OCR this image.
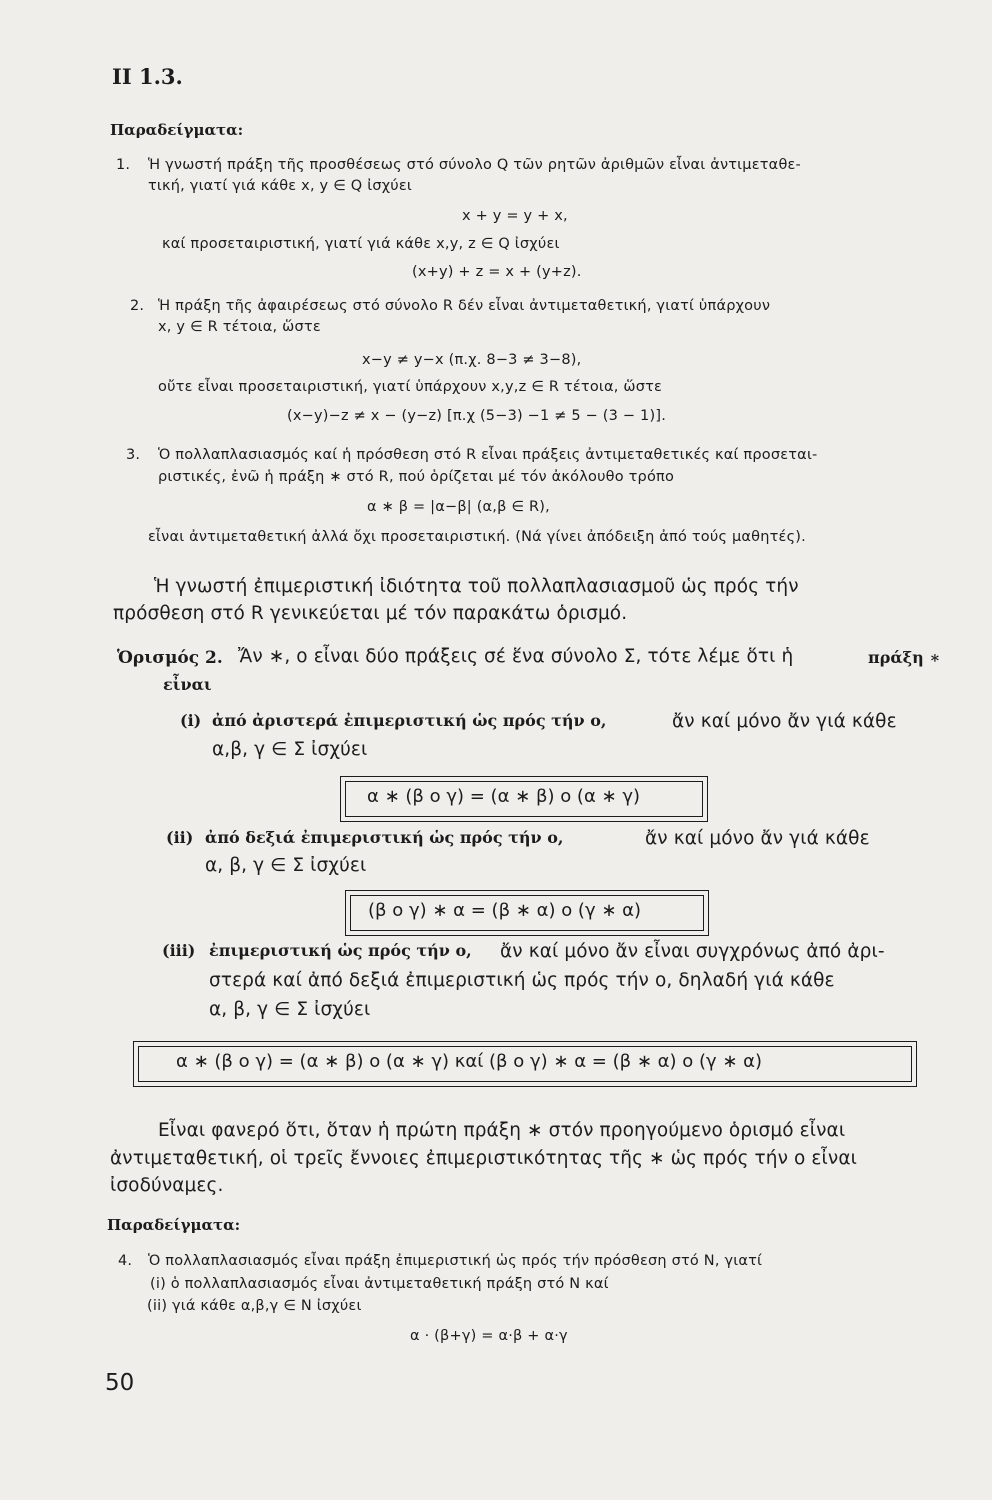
ΙΙ 1.3.
Παραδείγματα:
1. Ἡ γνωστή πράξη τῆς προσθέσεως στό σύνολο Q τῶν ρητῶν ἀριθμῶν εἶναι ἀντιμεταθε-
τική, γιατί γιά κάθε x, y ∈ Q ἰσχύει
x + y = y + x,
καί προσεταιριστική, γιατί γιά κάθε x,y, z ∈ Q ἰσχύει
(x+y) + z = x + (y+z).
2. Ἡ πράξη τῆς ἀφαιρέσεως στό σύνολο R δέν εἶναι ἀντιμεταθετική, γιατί ὑπάρχουν
x, y ∈ R τέτοια, ὥστε
x−y ≠ y−x (π.χ. 8−3 ≠ 3−8),
οὔτε εἶναι προσεταιριστική, γιατί ὑπάρχουν x,y,z ∈ R τέτοια, ὥστε
(x−y)−z ≠ x − (y−z) [π.χ (5−3) −1 ≠ 5 − (3 − 1)].
3. Ὁ πολλαπλασιασμός καί ἡ πρόσθεση στό R εἶναι πράξεις ἀντιμεταθετικές καί προσεται-
ριστικές, ἐνῶ ἡ πράξη ∗ στό R, πού ὁρίζεται μέ τόν ἀκόλουθο τρόπο
α ∗ β = |α−β| (α,β ∈ R),
εἶναι ἀντιμεταθετική ἀλλά ὄχι προσεταιριστική. (Νά γίνει ἀπόδειξη ἀπό τούς μαθητές).
Ἡ γνωστή ἐπιμεριστική ἰδιότητα τοῦ πολλαπλασιασμοῦ ὡς πρός τήν
πρόσθεση στό R γενικεύεται μέ τόν παρακάτω ὁρισμό.
Ὁρισμός 2. Ἄν ∗, ο εἶναι δύο πράξεις σέ ἕνα σύνολο Σ, τότε λέμε ὅτι ἡ	πράξη ∗
εἶναι
(i) ἀπό ἀριστερά ἐπιμεριστική ὡς πρός τήν ο,	ἄν καί μόνο ἄν γιά κάθε
α,β, γ ∈ Σ ἰσχύει
α ∗ (β ο γ) = (α ∗ β) ο (α ∗ γ)
(ii) ἀπό δεξιά ἐπιμεριστική ὡς πρός τήν ο,	ἄν καί μόνο ἄν γιά κάθε
α, β, γ ∈ Σ ἰσχύει
(β ο γ) ∗ α = (β ∗ α) ο (γ ∗ α)
(iii) ἐπιμεριστική ὡς πρός τήν ο, ἄν καί μόνο ἄν εἶναι συγχρόνως ἀπό ἀρι-
στερά καί ἀπό δεξιά ἐπιμεριστική ὡς πρός τήν ο, δηλαδή γιά κάθε
α, β, γ ∈ Σ ἰσχύει
α ∗ (β ο γ) = (α ∗ β) ο (α ∗ γ) καί (β ο γ) ∗ α = (β ∗ α) ο (γ ∗ α)
Εἶναι φανερό ὅτι, ὅταν ἡ πρώτη πράξη ∗ στόν προηγούμενο ὁρισμό εἶναι
ἀντιμεταθετική, οἱ τρεῖς ἔννοιες ἐπιμεριστικότητας τῆς ∗ ὡς πρός τήν ο εἶναι
ἰσοδύναμες.
Παραδείγματα:
4. Ὁ πολλαπλασιασμός εἶναι πράξη ἐπιμεριστική ὡς πρός τήν πρόσθεση στό N, γιατί
(i) ὁ πολλαπλασιασμός εἶναι ἀντιμεταθετική πράξη στό N καί
(ii) γιά κάθε α,β,γ ∈ N ἰσχύει
α · (β+γ) = α·β + α·γ
50
